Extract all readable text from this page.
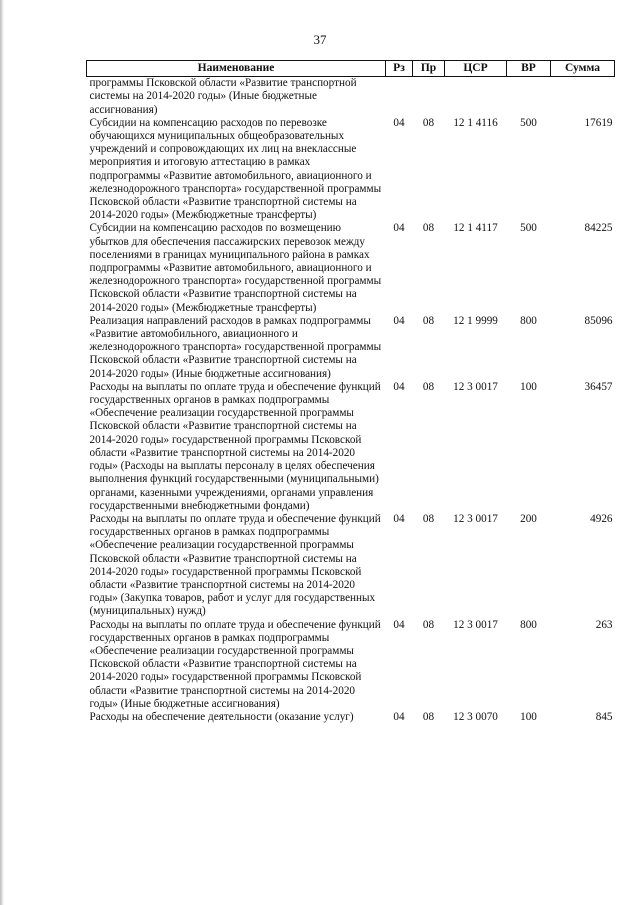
37
Наименование	Рз	Пр	ЦСР	ВР	Сумма
программы Псковской области «Развитие транспортной системы на 2014-2020 годы» (Иные бюджетные ассигнования)					
Субсидии на компенсацию расходов по перевозке обучающихся муниципальных общеобразовательных учреждений и сопровождающих их лиц на внеклассные мероприятия и итоговую аттестацию в рамках подпрограммы «Развитие автомобильного, авиационного и железнодорожного транспорта» государственной программы Псковской области «Развитие транспортной системы на 2014-2020 годы» (Межбюджетные трансферты)	04	08	12 1 4116	500	17619
Субсидии на компенсацию расходов по возмещению убытков для обеспечения пассажирских перевозок между поселениями в границах муниципального района в рамках подпрограммы «Развитие автомобильного, авиационного и железнодорожного транспорта» государственной программы Псковской области «Развитие транспортной системы на 2014-2020 годы» (Межбюджетные трансферты)	04	08	12 1 4117	500	84225
Реализация направлений расходов в рамках подпрограммы «Развитие автомобильного, авиационного и железнодорожного транспорта» государственной программы Псковской области «Развитие транспортной системы на 2014-2020 годы» (Иные бюджетные ассигнования)	04	08	12 1 9999	800	85096
Расходы на выплаты по оплате труда и обеспечение функций государственных органов в рамках подпрограммы «Обеспечение реализации государственной программы Псковской области «Развитие транспортной системы на 2014-2020 годы» государственной программы Псковской области «Развитие транспортной системы на 2014-2020 годы» (Расходы на выплаты персоналу в целях обеспечения выполнения функций государственными (муниципальными) органами, казенными учреждениями, органами управления государственными внебюджетными фондами)	04	08	12 3 0017	100	36457
Расходы на выплаты по оплате труда и обеспечение функций государственных органов в рамках подпрограммы «Обеспечение реализации государственной программы Псковской области «Развитие транспортной системы на 2014-2020 годы» государственной программы Псковской области «Развитие транспортной системы на 2014-2020 годы» (Закупка товаров, работ и услуг для государственных (муниципальных) нужд)	04	08	12 3 0017	200	4926
Расходы на выплаты по оплате труда и обеспечение функций государственных органов в рамках подпрограммы «Обеспечение реализации государственной программы Псковской области «Развитие транспортной системы на 2014-2020 годы» государственной программы Псковской области «Развитие транспортной системы на 2014-2020 годы» (Иные бюджетные ассигнования)	04	08	12 3 0017	800	263
Расходы на обеспечение деятельности (оказание услуг)	04	08	12 3 0070	100	845
